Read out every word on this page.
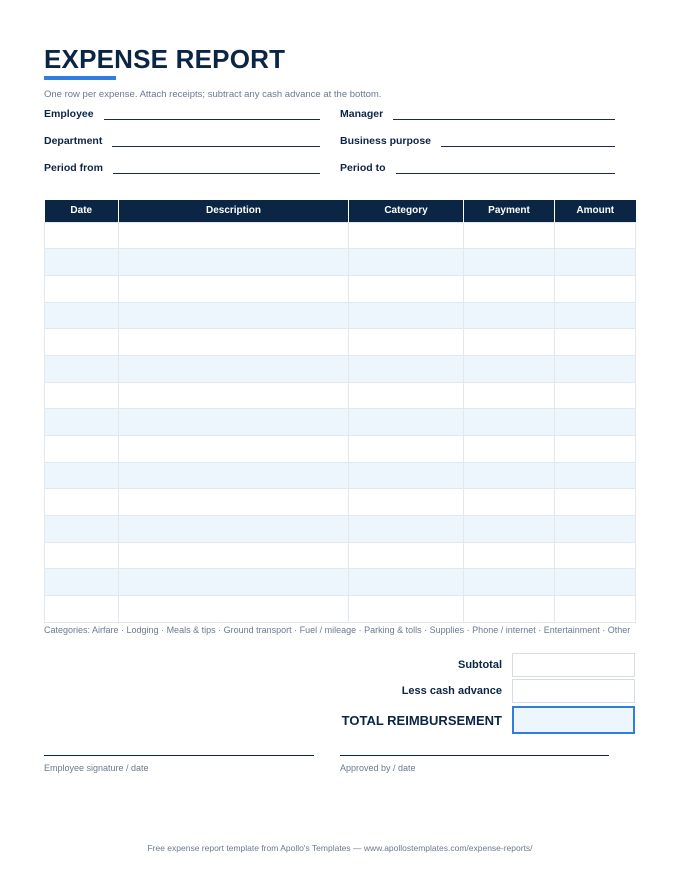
EXPENSE REPORT
One row per expense. Attach receipts; subtract any cash advance at the bottom.
Employee	Manager
Department	Business purpose
Period from	Period to
Date	Description	Category	Payment	Amount

Categories: Airfare · Lodging · Meals & tips · Ground transport · Fuel / mileage · Parking & tolls · Supplies · Phone / internet · Entertainment · Other
Subtotal
Less cash advance
TOTAL REIMBURSEMENT
Employee signature / date	Approved by / date
Free expense report template from Apollo's Templates — www.apollostemplates.com/expense-reports/
